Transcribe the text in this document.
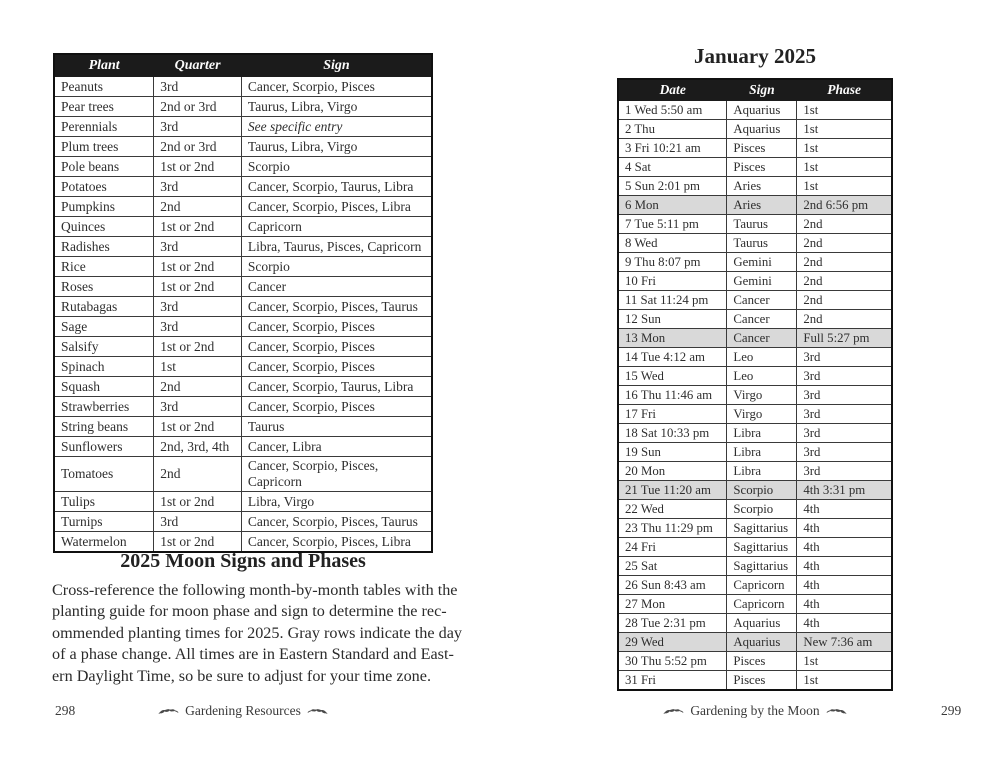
Plant	Quarter	Sign
Peanuts	3rd	Cancer, Scorpio, Pisces
Pear trees	2nd or 3rd	Taurus, Libra, Virgo
Perennials	3rd	See specific entry
Plum trees	2nd or 3rd	Taurus, Libra, Virgo
Pole beans	1st or 2nd	Scorpio
Potatoes	3rd	Cancer, Scorpio, Taurus, Libra
Pumpkins	2nd	Cancer, Scorpio, Pisces, Libra
Quinces	1st or 2nd	Capricorn
Radishes	3rd	Libra, Taurus, Pisces, Capricorn
Rice	1st or 2nd	Scorpio
Roses	1st or 2nd	Cancer
Rutabagas	3rd	Cancer, Scorpio, Pisces, Taurus
Sage	3rd	Cancer, Scorpio, Pisces
Salsify	1st or 2nd	Cancer, Scorpio, Pisces
Spinach	1st	Cancer, Scorpio, Pisces
Squash	2nd	Cancer, Scorpio, Taurus, Libra
Strawberries	3rd	Cancer, Scorpio, Pisces
String beans	1st or 2nd	Taurus
Sunflowers	2nd, 3rd, 4th	Cancer, Libra
Tomatoes	2nd	Cancer, Scorpio, Pisces, Capricorn
Tulips	1st or 2nd	Libra, Virgo
Turnips	3rd	Cancer, Scorpio, Pisces, Taurus
Watermelon	1st or 2nd	Cancer, Scorpio, Pisces, Libra
2025 Moon Signs and Phases
Cross-reference the following month-by-month tables with the
planting guide for moon phase and sign to determine the rec-
ommended planting times for 2025. Gray rows indicate the day
of a phase change. All times are in Eastern Standard and East-
ern Daylight Time, so be sure to adjust for your time zone.
298	Gardening Resources
January 2025
Date	Sign	Phase
1 Wed 5:50 am	Aquarius	1st
2 Thu	Aquarius	1st
3 Fri 10:21 am	Pisces	1st
4 Sat	Pisces	1st
5 Sun 2:01 pm	Aries	1st
6 Mon	Aries	2nd 6:56 pm
7 Tue 5:11 pm	Taurus	2nd
8 Wed	Taurus	2nd
9 Thu 8:07 pm	Gemini	2nd
10 Fri	Gemini	2nd
11 Sat 11:24 pm	Cancer	2nd
12 Sun	Cancer	2nd
13 Mon	Cancer	Full 5:27 pm
14 Tue 4:12 am	Leo	3rd
15 Wed	Leo	3rd
16 Thu 11:46 am	Virgo	3rd
17 Fri	Virgo	3rd
18 Sat 10:33 pm	Libra	3rd
19 Sun	Libra	3rd
20 Mon	Libra	3rd
21 Tue 11:20 am	Scorpio	4th 3:31 pm
22 Wed	Scorpio	4th
23 Thu 11:29 pm	Sagittarius	4th
24 Fri	Sagittarius	4th
25 Sat	Sagittarius	4th
26 Sun 8:43 am	Capricorn	4th
27 Mon	Capricorn	4th
28 Tue 2:31 pm	Aquarius	4th
29 Wed	Aquarius	New 7:36 am
30 Thu 5:52 pm	Pisces	1st
31 Fri	Pisces	1st
Gardening by the Moon	299
